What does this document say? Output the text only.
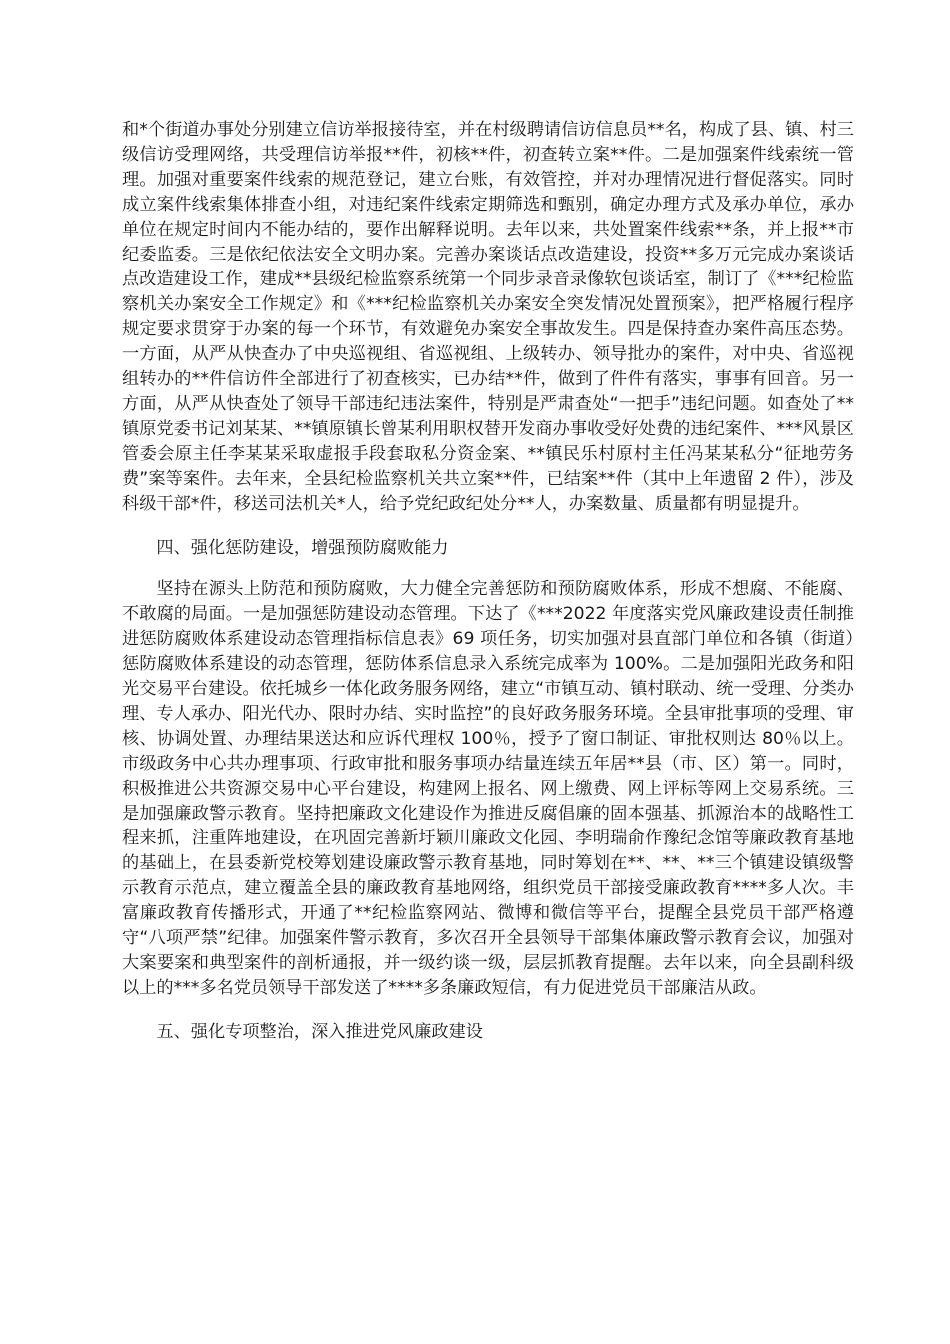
和*个街道办事处分别建立信访举报接待室，并在村级聘请信访信息员**名，构成了县、镇、村三级信访受理网络，共受理信访举报**件，初核**件，初查转立案**件。二是加强案件线索统一管理。加强对重要案件线索的规范登记，建立台账，有效管控，并对办理情况进行督促落实。同时成立案件线索集体排查小组，对违纪案件线索定期筛选和甄别，确定办理方式及承办单位，承办单位在规定时间内不能办结的，要作出解释说明。去年以来，共处置案件线索**条，并上报**市纪委监委。三是依纪依法安全文明办案。完善办案谈话点改造建设，投资**多万元完成办案谈话点改造建设工作，建成**县级纪检监察系统第一个同步录音录像软包谈话室，制订了《***纪检监察机关办案安全工作规定》和《***纪检监察机关办案安全突发情况处置预案》，把严格履行程序规定要求贯穿于办案的每一个环节，有效避免办案安全事故发生。四是保持查办案件高压态势。一方面，从严从快查办了中央巡视组、省巡视组、上级转办、领导批办的案件，对中央、省巡视组转办的**件信访件全部进行了初查核实，已办结**件，做到了件件有落实，事事有回音。另一方面，从严从快查处了领导干部违纪违法案件，特别是严肃查处“一把手”违纪问题。如查处了**镇原党委书记刘某某、**镇原镇长曾某利用职权替开发商办事收受好处费的违纪案件、***风景区管委会原主任李某某采取虚报手段套取私分资金案、**镇民乐村原村主任冯某某私分“征地劳务费”案等案件。去年来，全县纪检监察机关共立案**件，已结案**件（其中上年遗留 2 件），涉及科级干部*件，移送司法机关*人，给予党纪政纪处分**人，办案数量、质量都有明显提升。

四、强化惩防建设，增强预防腐败能力

坚持在源头上防范和预防腐败，大力健全完善惩防和预防腐败体系，形成不想腐、不能腐、不敢腐的局面。一是加强惩防建设动态管理。下达了《***2022 年度落实党风廉政建设责任制推进惩防腐败体系建设动态管理指标信息表》69 项任务，切实加强对县直部门单位和各镇（街道）惩防腐败体系建设的动态管理，惩防体系信息录入系统完成率为 100%。二是加强阳光政务和阳光交易平台建设。依托城乡一体化政务服务网络，建立“市镇互动、镇村联动、统一受理、分类办理、专人承办、阳光代办、限时办结、实时监控”的良好政务服务环境。全县审批事项的受理、审核、协调处置、办理结果送达和应诉代理权 100％，授予了窗口制证、审批权则达 80％以上。市级政务中心共办理事项、行政审批和服务事项办结量连续五年居**县（市、区）第一。同时，积极推进公共资源交易中心平台建设，构建网上报名、网上缴费、网上评标等网上交易系统。三是加强廉政警示教育。坚持把廉政文化建设作为推进反腐倡廉的固本强基、抓源治本的战略性工程来抓，注重阵地建设，在巩固完善新圩颖川廉政文化园、李明瑞俞作豫纪念馆等廉政教育基地的基础上，在县委新党校筹划建设廉政警示教育基地，同时筹划在**、**、**三个镇建设镇级警示教育示范点，建立覆盖全县的廉政教育基地网络，组织党员干部接受廉政教育****多人次。丰富廉政教育传播形式，开通了**纪检监察网站、微博和微信等平台，提醒全县党员干部严格遵守“八项严禁”纪律。加强案件警示教育，多次召开全县领导干部集体廉政警示教育会议，加强对大案要案和典型案件的剖析通报，并一级约谈一级，层层抓教育提醒。去年以来，向全县副科级以上的***多名党员领导干部发送了****多条廉政短信，有力促进党员干部廉洁从政。

五、强化专项整治，深入推进党风廉政建设
